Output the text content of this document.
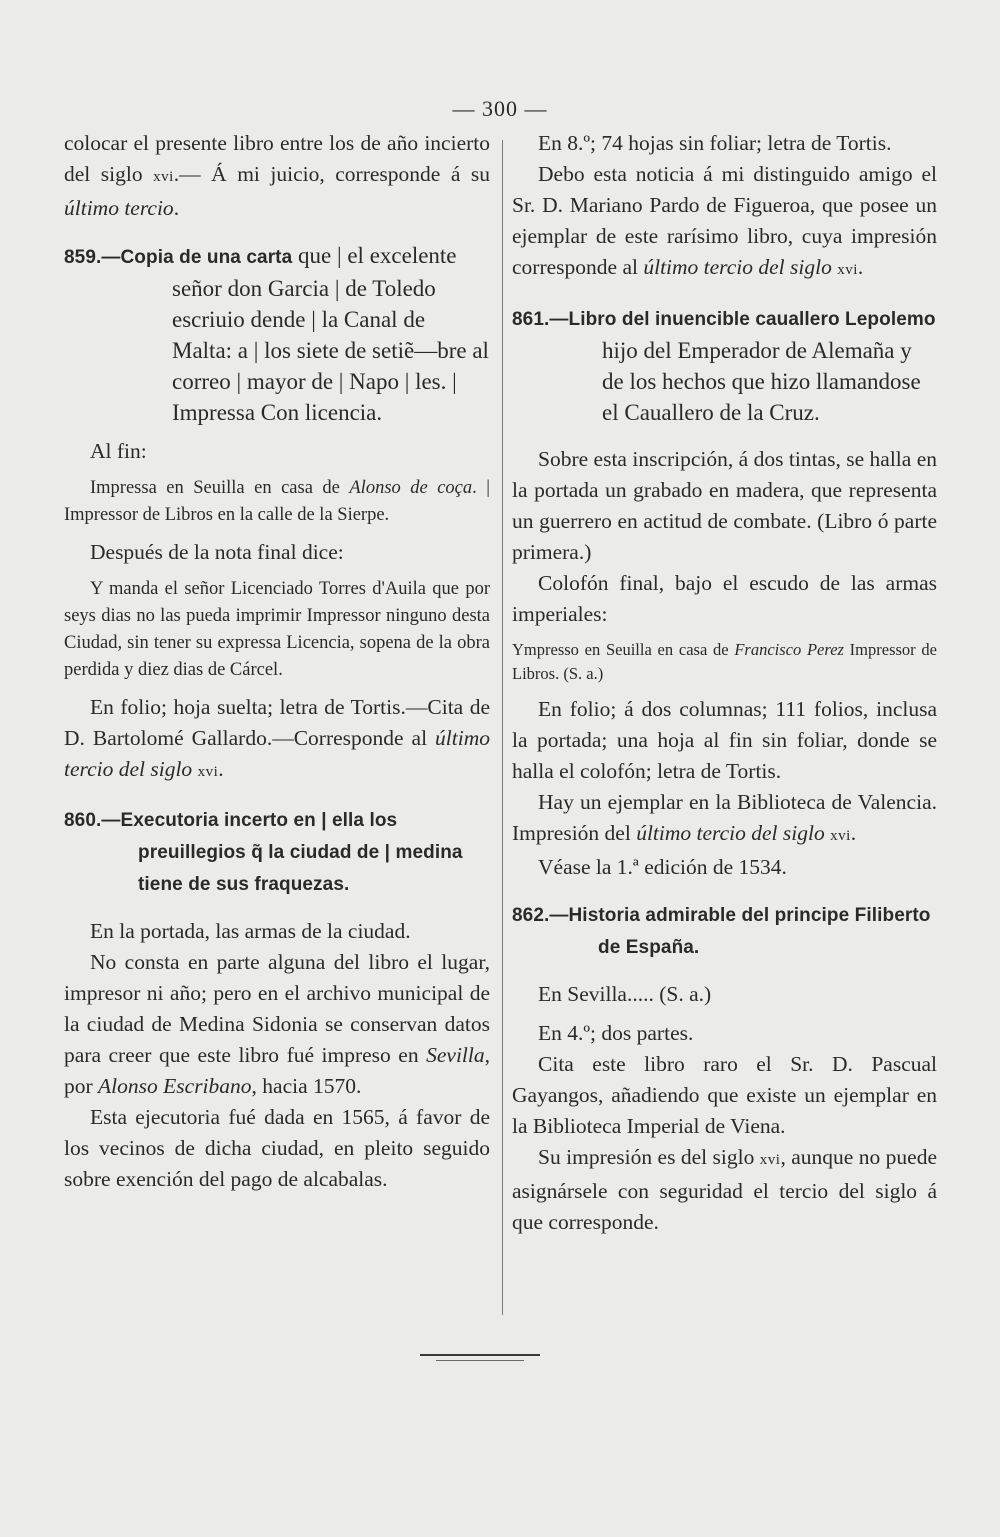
— 300 —

colocar el presente libro entre los de año incierto del siglo xvi.— Á mi juicio, corresponde á su último tercio.

859.—Copia de una carta que | el excelente señor don Garcia | de Toledo escriuio dende | la Canal de Malta: a | los siete de setiẽ—bre al correo | mayor de | Napo | les. | Impressa Con licencia.

Al fin:

Impressa en Seuilla en casa de Alonso de coça. | Impressor de Libros en la calle de la Sierpe.

Después de la nota final dice:

Y manda el señor Licenciado Torres d'Auila que por seys dias no las pueda imprimir Impressor ninguno desta Ciudad, sin tener su expressa Licencia, sopena de la obra perdida y diez dias de Cárcel.

En folio; hoja suelta; letra de Tortis.—Cita de D. Bartolomé Gallardo.—Corresponde al último tercio del siglo xvi.

860.—Executoria incerto en | ella los preuillegios q̃ la ciudad de | medina tiene de sus fraquezas.

En la portada, las armas de la ciudad.

No consta en parte alguna del libro el lugar, impresor ni año; pero en el archivo municipal de la ciudad de Medina Sidonia se conservan datos para creer que este libro fué impreso en Sevilla, por Alonso Escribano, hacia 1570.

Esta ejecutoria fué dada en 1565, á favor de los vecinos de dicha ciudad, en pleito seguido sobre exención del pago de alcabalas.

En 8.º; 74 hojas sin foliar; letra de Tortis.

Debo esta noticia á mi distinguido amigo el Sr. D. Mariano Pardo de Figueroa, que posee un ejemplar de este rarísimo libro, cuya impresión corresponde al último tercio del siglo xvi.

861.—Libro del inuencible cauallero Lepolemo hijo del Emperador de Alemaña y de los hechos que hizo llamandose el Cauallero de la Cruz.

Sobre esta inscripción, á dos tintas, se halla en la portada un grabado en madera, que representa un guerrero en actitud de combate. (Libro ó parte primera.)

Colofón final, bajo el escudo de las armas imperiales:

Ympresso en Seuilla en casa de Francisco Perez Impressor de Libros. (S. a.)

En folio; á dos columnas; 111 folios, inclusa la portada; una hoja al fin sin foliar, donde se halla el colofón; letra de Tortis.

Hay un ejemplar en la Biblioteca de Valencia. Impresión del último tercio del siglo xvi.

Véase la 1.ª edición de 1534.

862.—Historia admirable del principe Filiberto de España.

En Sevilla..... (S. a.)

En 4.º; dos partes.

Cita este libro raro el Sr. D. Pascual Gayangos, añadiendo que existe un ejemplar en la Biblioteca Imperial de Viena.

Su impresión es del siglo xvi, aunque no puede asignársele con seguridad el tercio del siglo á que corresponde.
